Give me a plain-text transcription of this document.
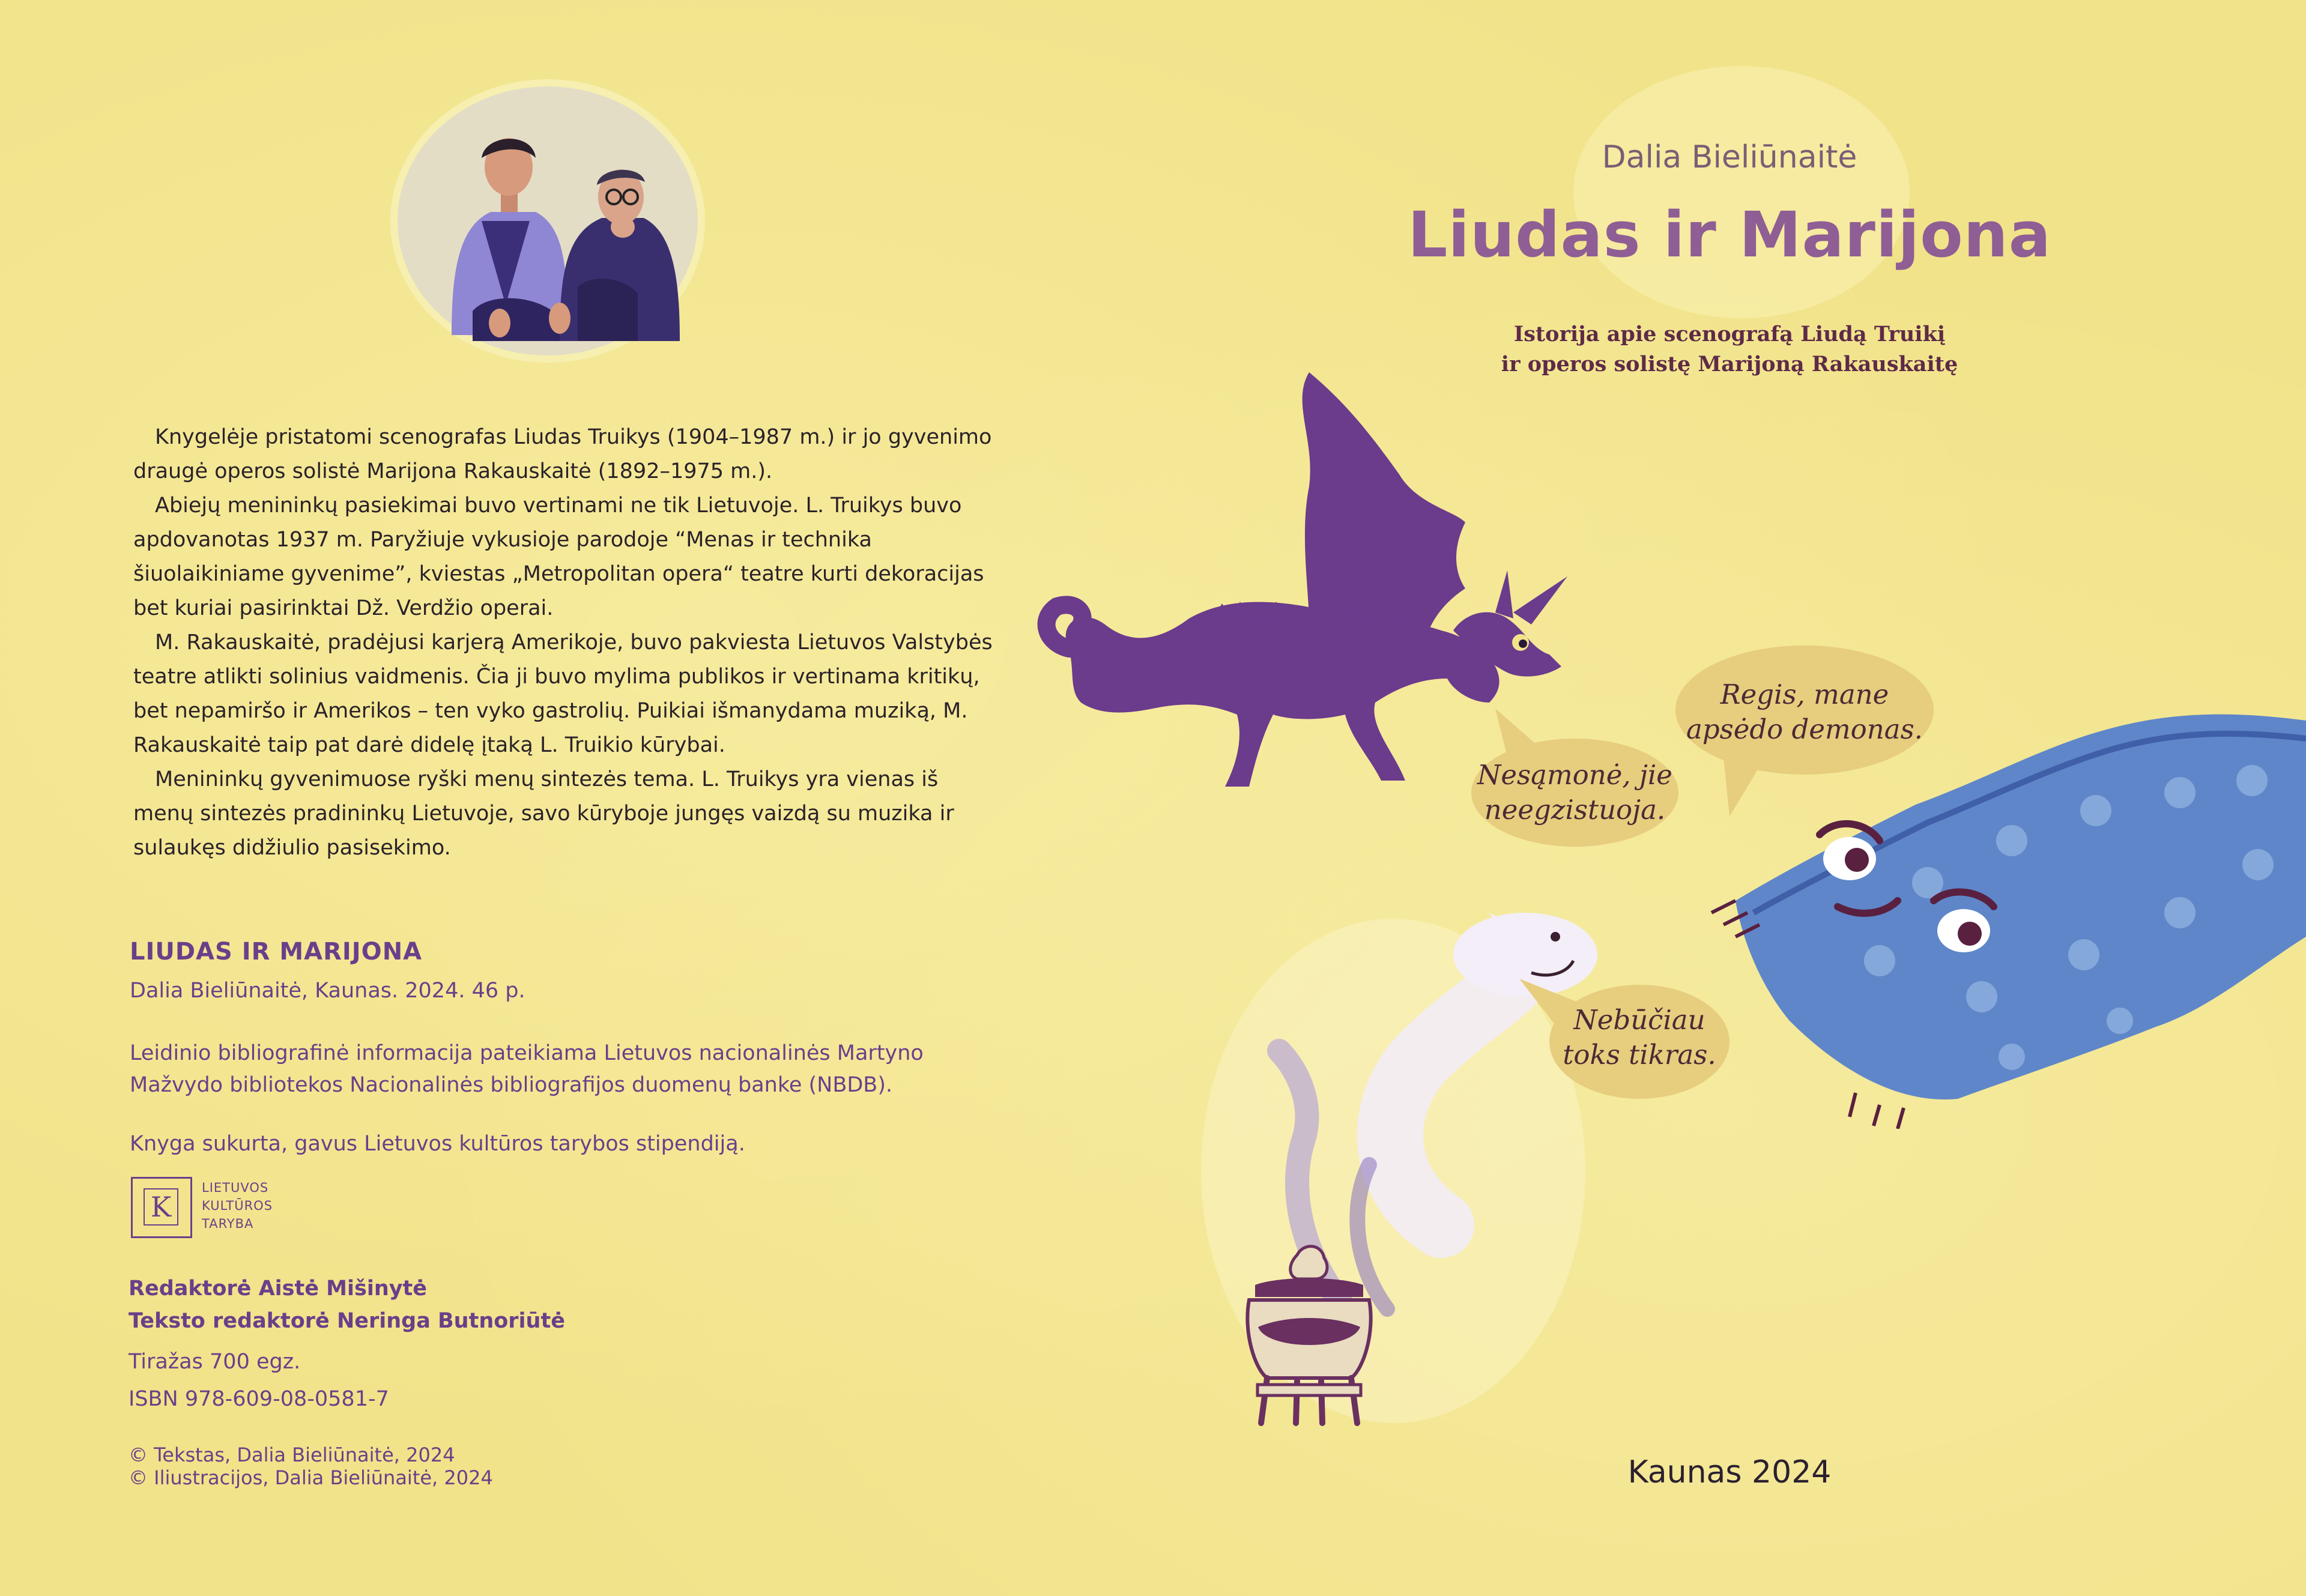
Knygelėje pristatomi scenografas Liudas Truikys (1904–1987 m.) ir jo gyvenimo draugė operos solistė Marijona Rakauskaitė (1892–1975 m.).

Abiejų menininkų pasiekimai buvo vertinami ne tik Lietuvoje. L. Truikys buvo apdovanotas 1937 m. Paryžiuje vykusioje parodoje “Menas ir technika šiuolaikiniame gyvenime”, kviestas „Metropolitan opera“ teatre kurti dekoracijas bet kuriai pasirinktai Dž. Verdžio operai.

M. Rakauskaitė, pradėjusi karjerą Amerikoje, buvo pakviesta Lietuvos Valstybės teatre atlikti solinius vaidmenis. Čia ji buvo mylima publikos ir vertinama kritikų, bet nepamiršo ir Amerikos – ten vyko gastrolių. Puikiai išmanydama muziką, M. Rakauskaitė taip pat darė didelę įtaką L. Truikio kūrybai.

Menininkų gyvenimuose ryški menų sintezės tema. L. Truikys yra vienas iš menų sintezės pradininkų Lietuvoje, savo kūryboje jungęs vaizdą su muzika ir sulaukęs didžiulio pasisekimo.

LIUDAS IR MARIJONA
Dalia Bieliūnaitė, Kaunas. 2024. 46 p.
Leidinio bibliografinė informacija pateikiama Lietuvos nacionalinės Martyno Mažvydo bibliotekos Nacionalinės bibliografijos duomenų banke (NBDB).
Knyga sukurta, gavus Lietuvos kultūros tarybos stipendiją.
K
LIETUVOS
KULTŪROS
TARYBA
Redaktorė Aistė Mišinytė
Teksto redaktorė Neringa Butnoriūtė
Tiražas 700 egz.
ISBN 978-609-08-0581-7
© Tekstas, Dalia Bieliūnaitė, 2024
© Iliustracijos, Dalia Bieliūnaitė, 2024
Dalia Bieliūnaitė
Liudas ir Marijona
Istorija apie scenografą Liudą Truikį
ir operos solistę Marijoną Rakauskaitę
Regis, mane
apsėdo demonas.
Nesąmonė, jie
neegzistuoja.
Nebūčiau
toks tikras.
Kaunas 2024
